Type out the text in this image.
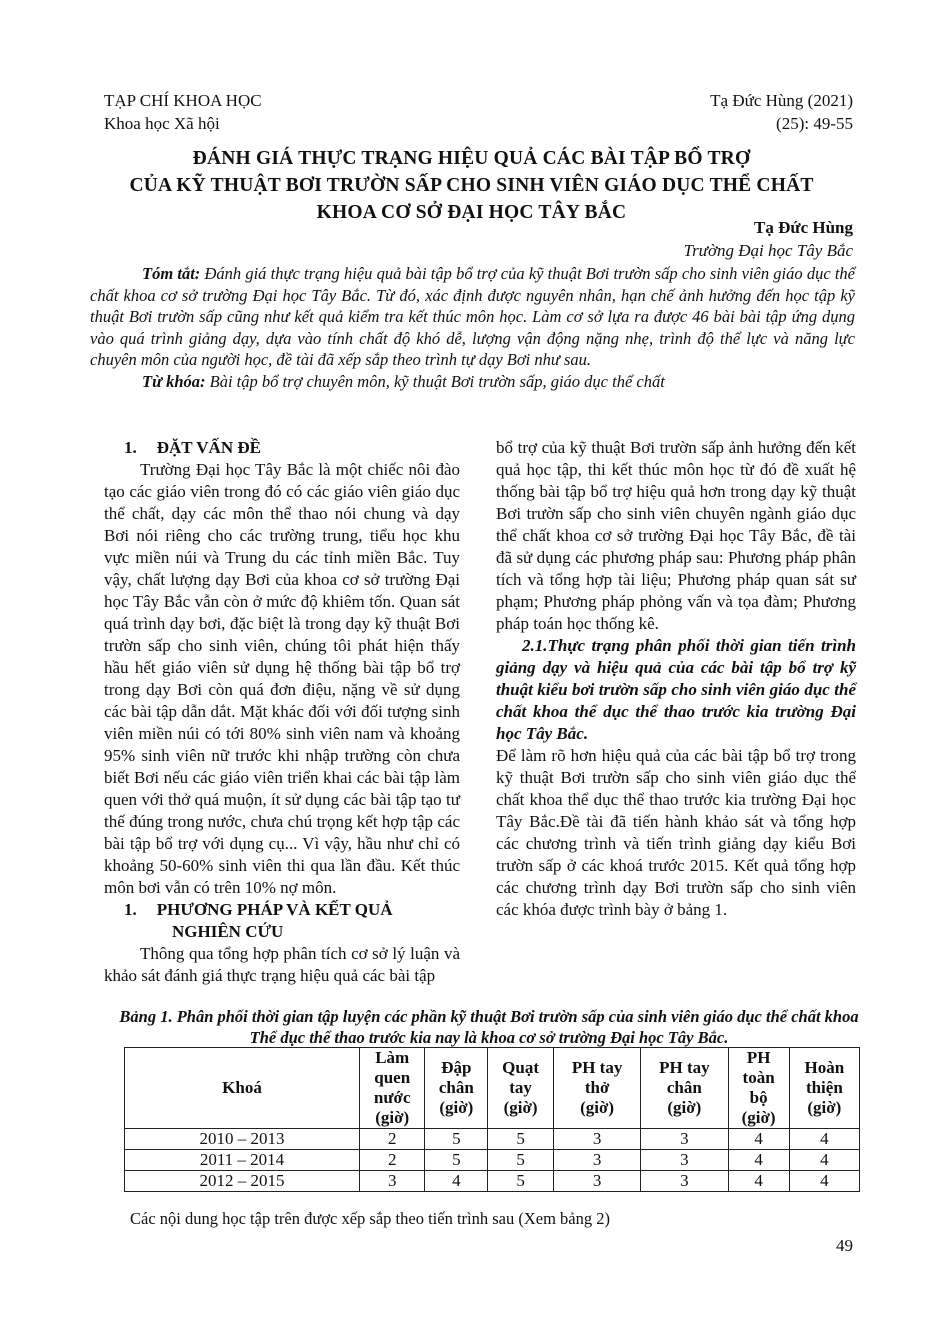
TẠP CHÍ KHOA HỌC
Khoa học Xã hội
Tạ Đức Hùng (2021)
(25): 49-55
ĐÁNH GIÁ THỰC TRẠNG HIỆU QUẢ CÁC BÀI TẬP BỔ TRỢ
CỦA KỸ THUẬT BƠI TRƯỜN SẤP CHO SINH VIÊN GIÁO DỤC THỂ CHẤT
KHOA CƠ SỞ ĐẠI HỌC TÂY BẮC
Tạ Đức Hùng
Trường Đại học Tây Bắc
Tóm tắt: Đánh giá thực trạng hiệu quả bài tập bổ trợ của kỹ thuật Bơi trườn sấp cho sinh viên giáo dục thể chất khoa cơ sở trường Đại học Tây Bắc. Từ đó, xác định được nguyên nhân, hạn chế ảnh hưởng đến học tập kỹ thuật Bơi trườn sấp cũng như kết quả kiểm tra kết thúc môn học. Làm cơ sở lựa ra được 46 bài bài tập ứng dụng vào quá trình giảng dạy, dựa vào tính chất độ khó dễ, lượng vận động nặng nhẹ, trình độ thể lực và năng lực chuyên môn của người học, đề tài đã xếp sắp theo trình tự dạy Bơi như sau.
Từ khóa: Bài tập bổ trợ chuyên môn, kỹ thuật Bơi trườn sấp, giáo dục thể chất

1. ĐẶT VẤN ĐỀ

Trường Đại học Tây Bắc là một chiếc nôi đào tạo các giáo viên trong đó có các giáo viên giáo dục thể chất, dạy các môn thể thao nói chung và dạy Bơi nói riêng cho các trường trung, tiểu học khu vực miền núi và Trung du các tỉnh miền Bắc. Tuy vậy, chất lượng dạy Bơi của khoa cơ sở trường Đại học Tây Bắc vẫn còn ở mức độ khiêm tốn. Quan sát quá trình dạy bơi, đặc biệt là trong dạy kỹ thuật Bơi trườn sấp cho sinh viên, chúng tôi phát hiện thấy hầu hết giáo viên sử dụng hệ thống bài tập bổ trợ trong dạy Bơi còn quá đơn điệu, nặng về sử dụng các bài tập dẫn dắt. Mặt khác đối với đối tượng sinh viên miền núi có tới 80% sinh viên nam và khoảng 95% sinh viên nữ trước khi nhập trường còn chưa biết Bơi nếu các giáo viên triển khai các bài tập làm quen với thở quá muộn, ít sử dụng các bài tập tạo tư thế đúng trong nước, chưa chú trọng kết hợp tập các bài tập bổ trợ với dụng cụ... Vì vậy, hầu như chỉ có khoảng 50-60% sinh viên thi qua lần đầu. Kết thúc môn bơi vẫn có trên 10% nợ môn.

1. PHƯƠNG PHÁP VÀ KẾT QUẢ
NGHIÊN CỨU

Thông qua tổng hợp phân tích cơ sở lý luận và khảo sát đánh giá thực trạng hiệu quả các bài tập

bổ trợ của kỹ thuật Bơi trườn sấp ảnh hưởng đến kết quả học tập, thi kết thúc môn học từ đó đề xuất hệ thống bài tập bổ trợ hiệu quả hơn trong dạy kỹ thuật Bơi trườn sấp cho sinh viên chuyên ngành giáo dục thể chất khoa cơ sở trường Đại học Tây Bắc, đề tài đã sử dụng các phương pháp sau: Phương pháp phân tích và tổng hợp tài liệu; Phương pháp quan sát sư phạm; Phương pháp phỏng vấn và tọa đàm; Phương pháp toán học thống kê.

2.1.Thực trạng phân phối thời gian tiến trình giảng dạy và hiệu quả của các bài tập bổ trợ kỹ thuật kiểu bơi trườn sấp cho sinh viên giáo dục thể chất khoa thể dục thể thao trước kia trường Đại học Tây Bắc.

Để làm rõ hơn hiệu quả của các bài tập bổ trợ trong kỹ thuật Bơi trườn sấp cho sinh viên giáo dục thể chất khoa thể dục thể thao trước kia trường Đại học Tây Bắc.Đề tài đã tiến hành khảo sát và tổng hợp các chương trình và tiến trình giảng dạy kiểu Bơi trườn sấp ở các khoá trước 2015. Kết quả tổng hợp các chương trình dạy Bơi trườn sấp cho sinh viên các khóa được trình bày ở bảng 1.

Bảng 1. Phân phối thời gian tập luyện các phần kỹ thuật Bơi trườn sấp của sinh viên giáo dục thể chất khoa Thể dục thể thao trước kia nay là khoa cơ sở trường Đại học Tây Bắc.
Khoá	Làm
quen
nước
(giờ)	Đập
chân
(giờ)	Quạt
tay
(giờ)	PH tay
thở
(giờ)	PH tay
chân
(giờ)	PH
toàn
bộ
(giờ)	Hoàn
thiện
(giờ)
2010 – 2013	2	5	5	3	3	4	4
2011 – 2014	2	5	5	3	3	4	4
2012 – 2015	3	4	5	3	3	4	4
Các nội dung học tập trên được xếp sắp theo tiến trình sau (Xem bảng 2)
49
